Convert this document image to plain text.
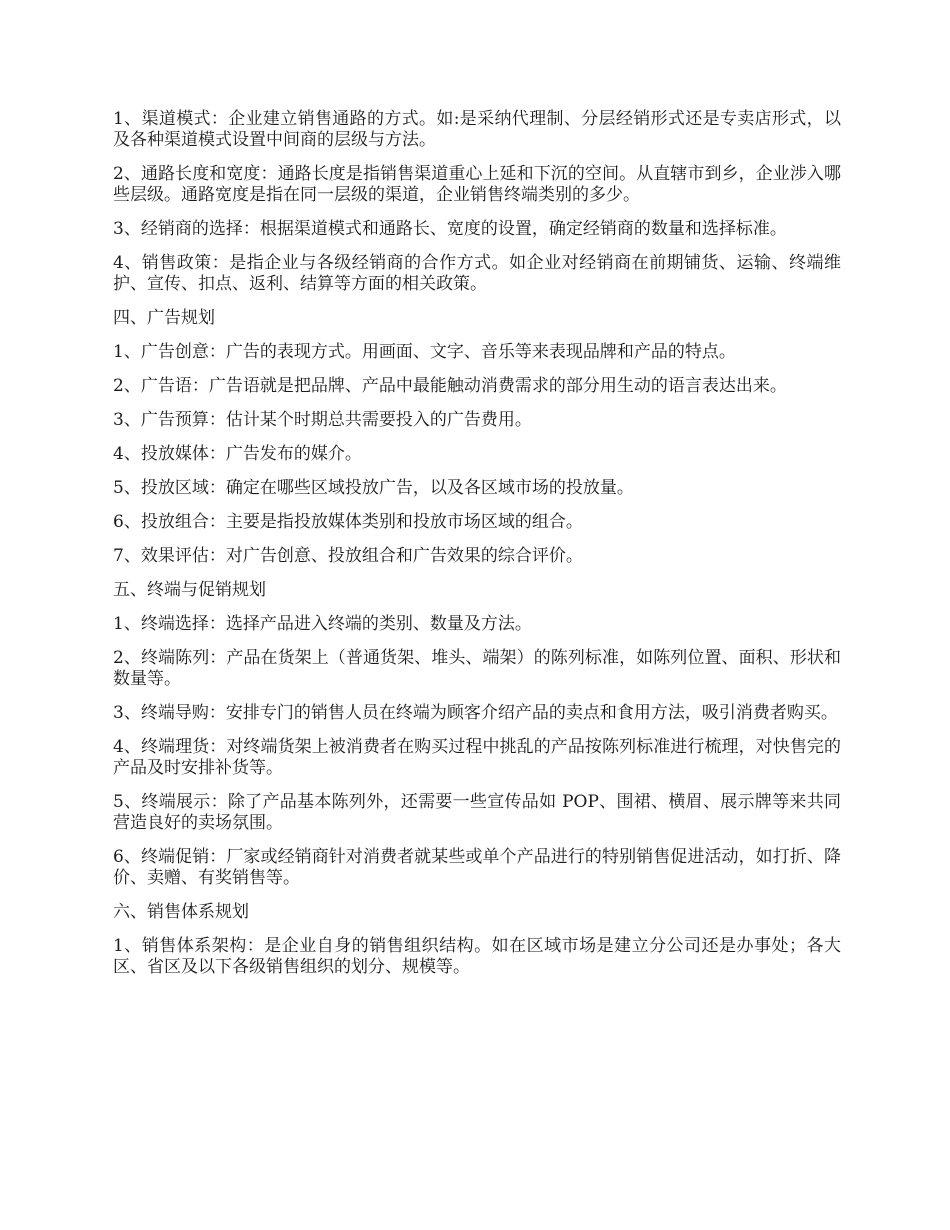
1、渠道模式：企业建立销售通路的方式。如:是采纳代理制、分层经销形式还是专卖店形式，以及各种渠道模式设置中间商的层级与方法。

2、通路长度和宽度：通路长度是指销售渠道重心上延和下沉的空间。从直辖市到乡，企业涉入哪些层级。通路宽度是指在同一层级的渠道，企业销售终端类别的多少。

3、经销商的选择：根据渠道模式和通路长、宽度的设置，确定经销商的数量和选择标准。

4、销售政策：是指企业与各级经销商的合作方式。如企业对经销商在前期铺货、运输、终端维护、宣传、扣点、返利、结算等方面的相关政策。

四、广告规划

1、广告创意：广告的表现方式。用画面、文字、音乐等来表现品牌和产品的特点。

2、广告语：广告语就是把品牌、产品中最能触动消费需求的部分用生动的语言表达出来。

3、广告预算：估计某个时期总共需要投入的广告费用。

4、投放媒体：广告发布的媒介。

5、投放区域：确定在哪些区域投放广告，以及各区域市场的投放量。

6、投放组合：主要是指投放媒体类别和投放市场区域的组合。

7、效果评估：对广告创意、投放组合和广告效果的综合评价。

五、终端与促销规划

1、终端选择：选择产品进入终端的类别、数量及方法。

2、终端陈列：产品在货架上（普通货架、堆头、端架）的陈列标准，如陈列位置、面积、形状和数量等。

3、终端导购：安排专门的销售人员在终端为顾客介绍产品的卖点和食用方法，吸引消费者购买。

4、终端理货：对终端货架上被消费者在购买过程中挑乱的产品按陈列标准进行梳理，对快售完的产品及时安排补货等。

5、终端展示：除了产品基本陈列外，还需要一些宣传品如 POP、围裙、横眉、展示牌等来共同营造良好的卖场氛围。

6、终端促销：厂家或经销商针对消费者就某些或单个产品进行的特别销售促进活动，如打折、降价、卖赠、有奖销售等。

六、销售体系规划

1、销售体系架构：是企业自身的销售组织结构。如在区域市场是建立分公司还是办事处；各大区、省区及以下各级销售组织的划分、规模等。
